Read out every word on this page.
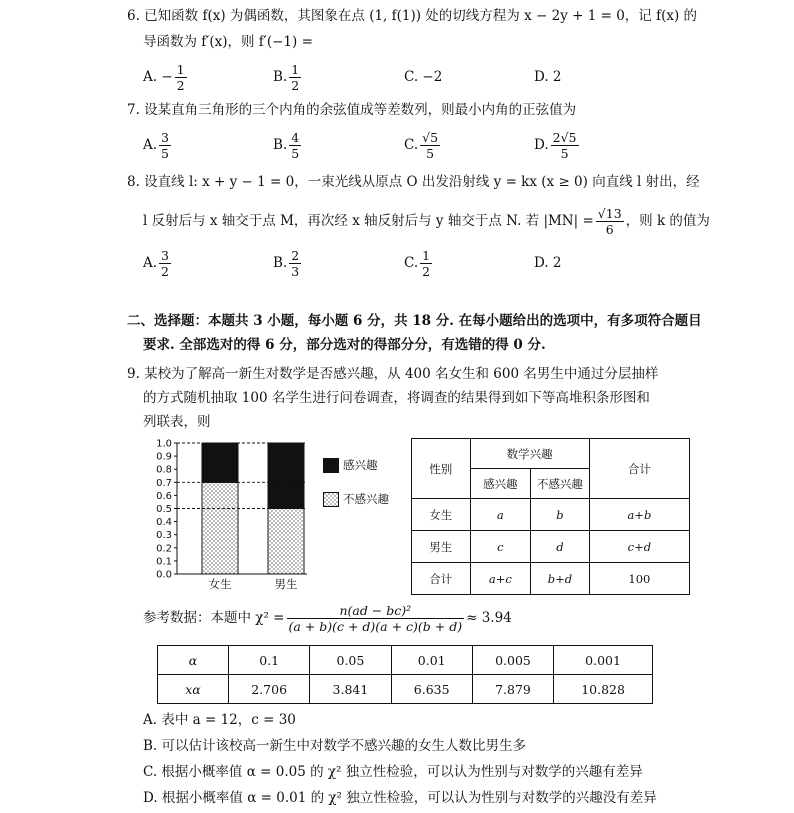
6. 已知函数 f(x) 为偶函数，其图象在点 (1, f(1)) 处的切线方程为 x − 2y + 1 = 0，记 f(x) 的
导函数为 f′(x)，则 f′(−1) =
A. − $\frac{1}{2}$	B. $\frac{1}{2}$	C. −2	D. 2
7. 设某直角三角形的三个内角的余弦值成等差数列，则最小内角的正弦值为
A. $\frac{3}{5}$	B. $\frac{4}{5}$	C. $\frac{√5}{5}$	D. $\frac{2√5}{5}$
8. 设直线 l: x + y − 1 = 0，一束光线从原点 O 出发沿射线 y = kx (x ≥ 0) 向直线 l 射出，经
l 反射后与 x 轴交于点 M，再次经 x 轴反射后与 y 轴交于点 N. 若 $|MN| = \frac{√13}{6}$ ，则 k 的值为
A. $\frac{3}{2}$	B. $\frac{2}{3}$	C. $\frac{1}{2}$	D. 2
二、选择题：本题共 3 小题，每小题 6 分，共 18 分. 在每小题给出的选项中，有多项符合题目
要求. 全部选对的得 6 分，部分选对的得部分分，有选错的得 0 分.
9. 某校为了解高一新生对数学是否感兴趣，从 400 名女生和 600 名男生中通过分层抽样
的方式随机抽取 100 名学生进行问卷调查，将调查的结果得到如下等高堆积条形图和
列联表，则
0.0
0.1
0.2
0.3
0.4
0.5
0.6
0.7
0.8
0.9
1.0
女生	男生
感兴趣
不感兴趣
性别	数学兴趣		合计
	感兴趣	不感兴趣	
女生	a	b	a+b
男生	c	d	c+d
合计	a+c	b+d	100
参考数据：本题中 $\chi^2 = \frac{\text{n(ad − bc)²}}{(a + b)(c + d)(a + c)(b + d)} \approx 3.94$
α	0.1	0.05	0.01	0.005	0.001
xα	2.706	3.841	6.635	7.879	10.828
A. 表中 a = 12，c = 30
B. 可以估计该校高一新生中对数学不感兴趣的女生人数比男生多
C. 根据小概率值 α = 0.05 的 χ² 独立性检验，可以认为性别与对数学的兴趣有差异
D. 根据小概率值 α = 0.01 的 χ² 独立性检验，可以认为性别与对数学的兴趣没有差异
